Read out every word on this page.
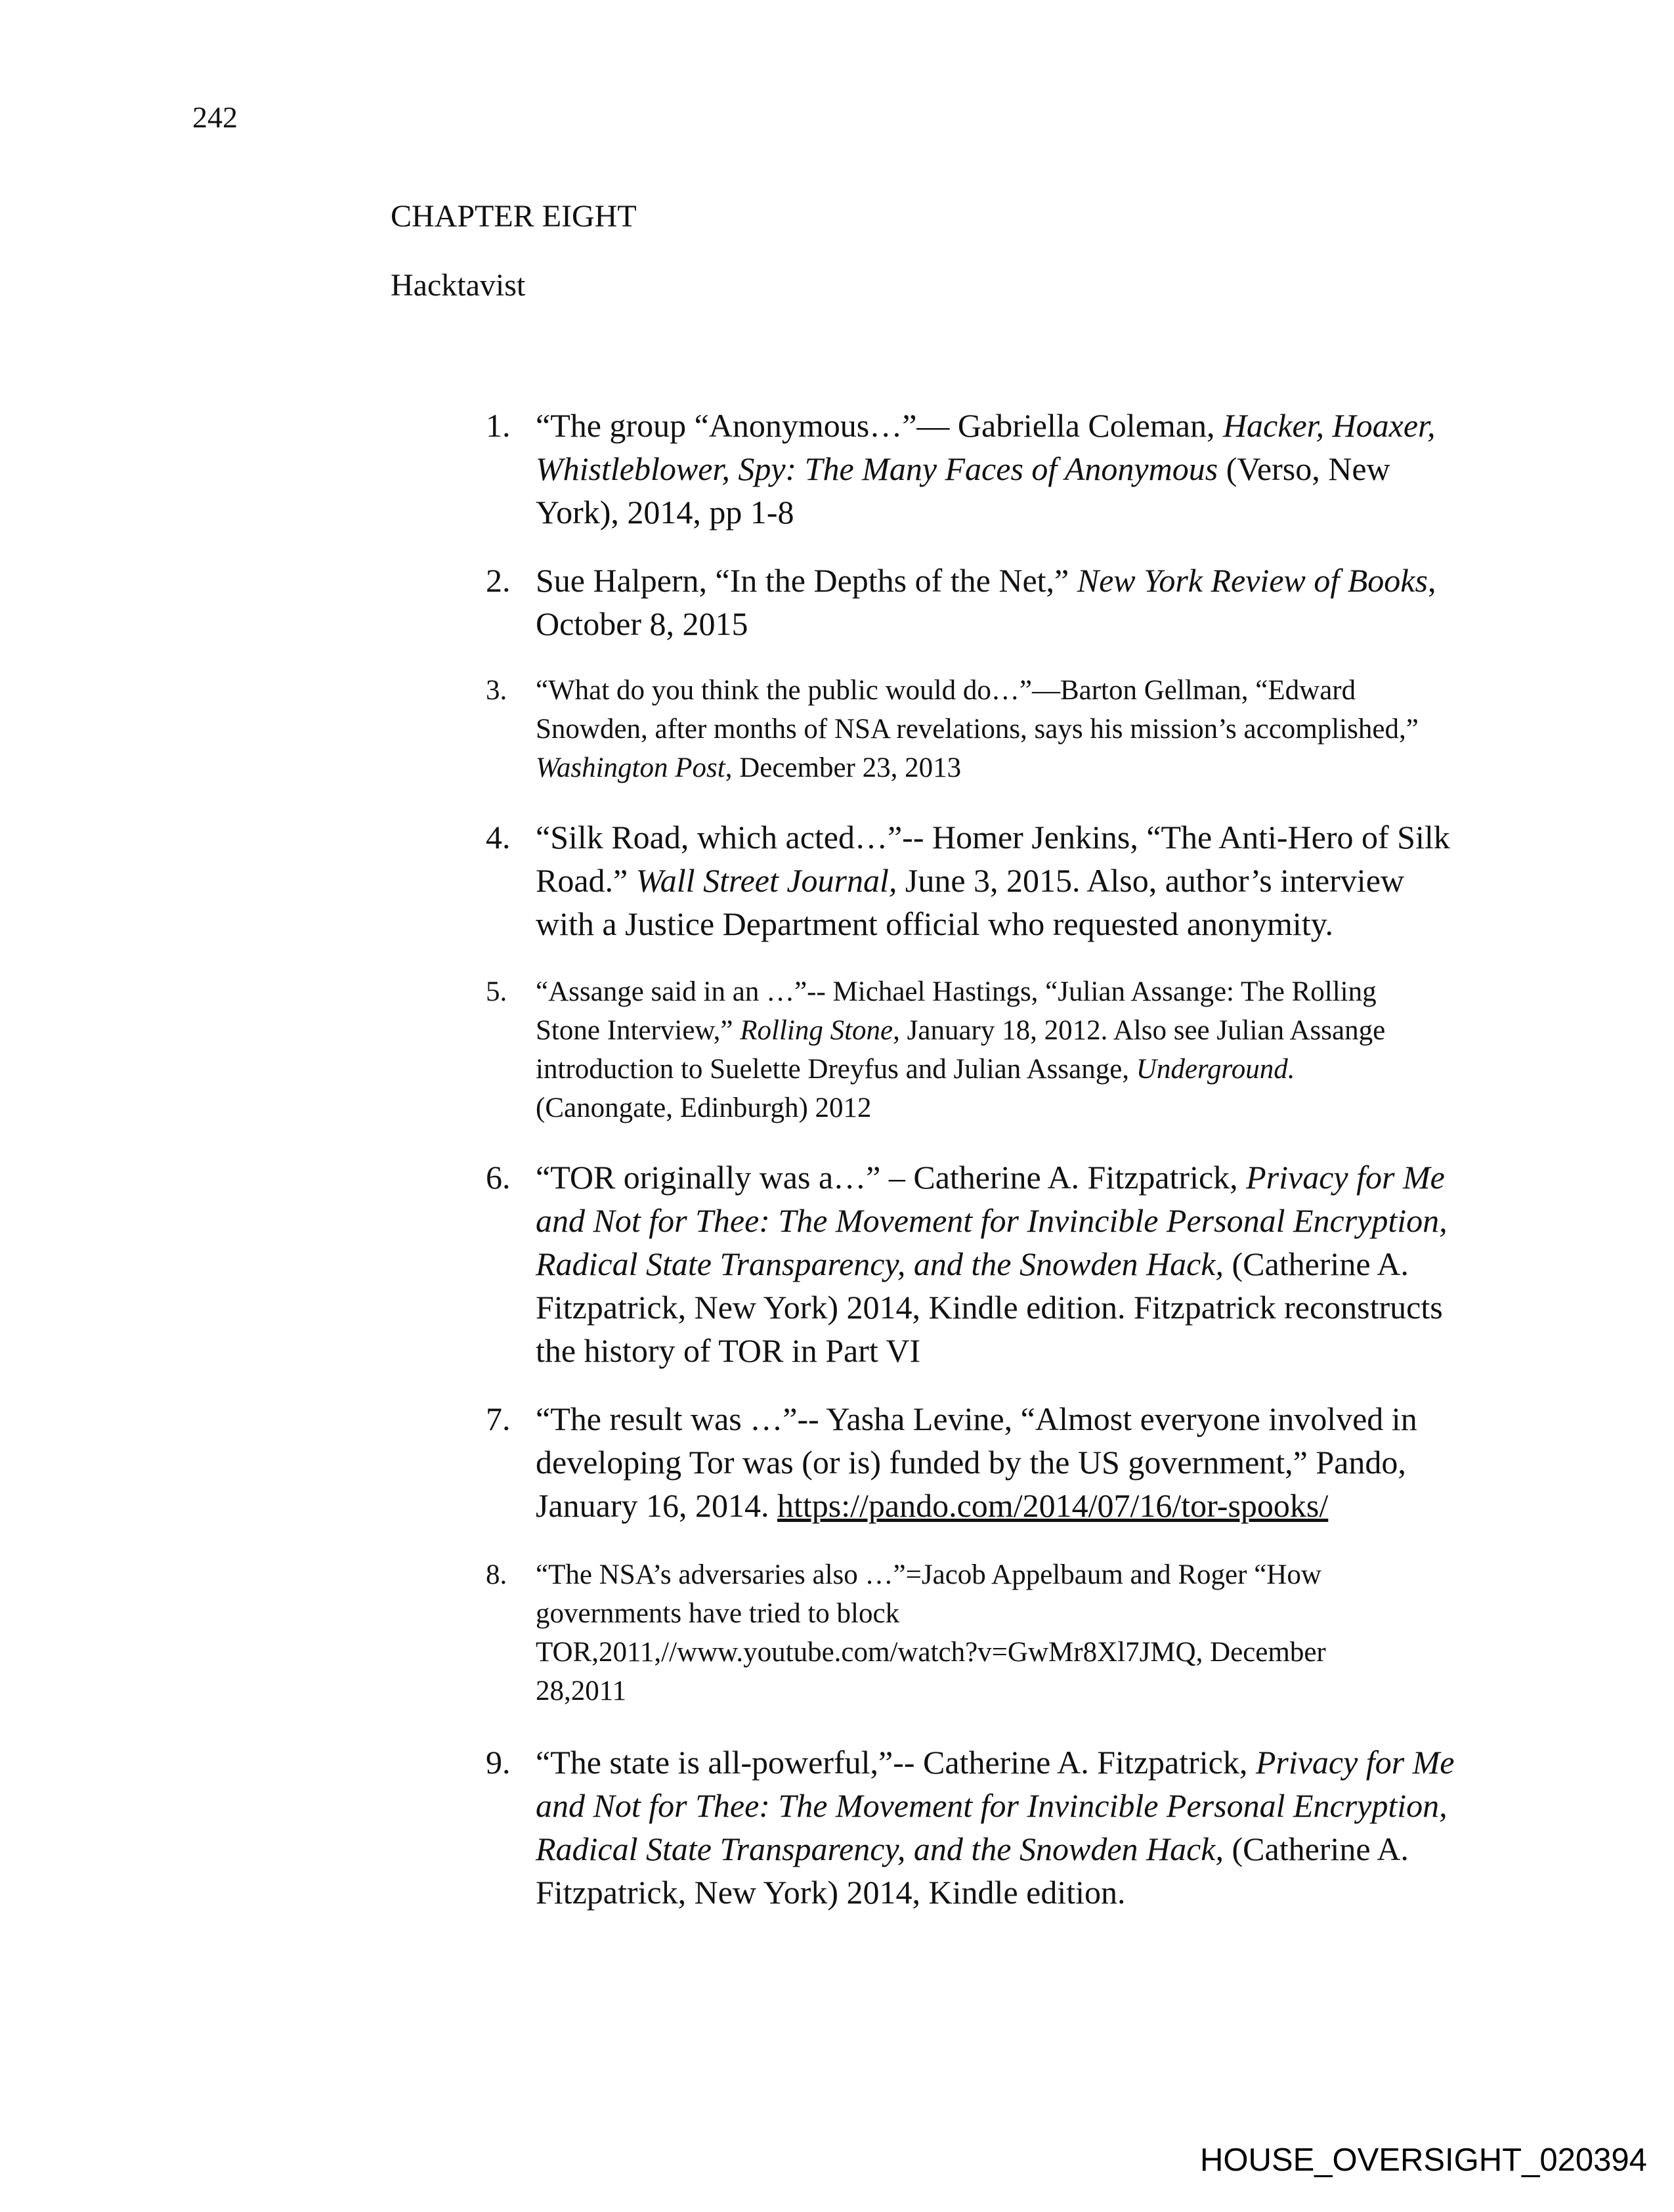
242
CHAPTER EIGHT
Hacktavist
1. “The group “Anonymous…”— Gabriella Coleman, Hacker, Hoaxer,
Whistleblower, Spy: The Many Faces of Anonymous (Verso, New
York), 2014, pp 1-8
2. Sue Halpern, “In the Depths of the Net,” New York Review of Books,
October 8, 2015
3. “What do you think the public would do…”—Barton Gellman, “Edward
Snowden, after months of NSA revelations, says his mission’s accomplished,”
Washington Post, December 23, 2013
4. “Silk Road, which acted…”-- Homer Jenkins, “The Anti-Hero of Silk
Road.” Wall Street Journal, June 3, 2015. Also, author’s interview
with a Justice Department official who requested anonymity.
5. “Assange said in an …”-- Michael Hastings, “Julian Assange: The Rolling
Stone Interview,” Rolling Stone, January 18, 2012. Also see Julian Assange
introduction to Suelette Dreyfus and Julian Assange, Underground.
(Canongate, Edinburgh) 2012
6. “TOR originally was a…” – Catherine A. Fitzpatrick, Privacy for Me
and Not for Thee: The Movement for Invincible Personal Encryption,
Radical State Transparency, and the Snowden Hack, (Catherine A.
Fitzpatrick, New York) 2014, Kindle edition. Fitzpatrick reconstructs
the history of TOR in Part VI
7. “The result was …”-- Yasha Levine, “Almost everyone involved in
developing Tor was (or is) funded by the US government,” Pando,
January 16, 2014. https://pando.com/2014/07/16/tor-spooks/
8. “The NSA’s adversaries also …”=Jacob Appelbaum and Roger “How
governments have tried to block
TOR,2011,//www.youtube.com/watch?v=GwMr8Xl7JMQ, December
28,2011
9. “The state is all-powerful,”-- Catherine A. Fitzpatrick, Privacy for Me
and Not for Thee: The Movement for Invincible Personal Encryption,
Radical State Transparency, and the Snowden Hack, (Catherine A.
Fitzpatrick, New York) 2014, Kindle edition.
HOUSE_OVERSIGHT_020394
